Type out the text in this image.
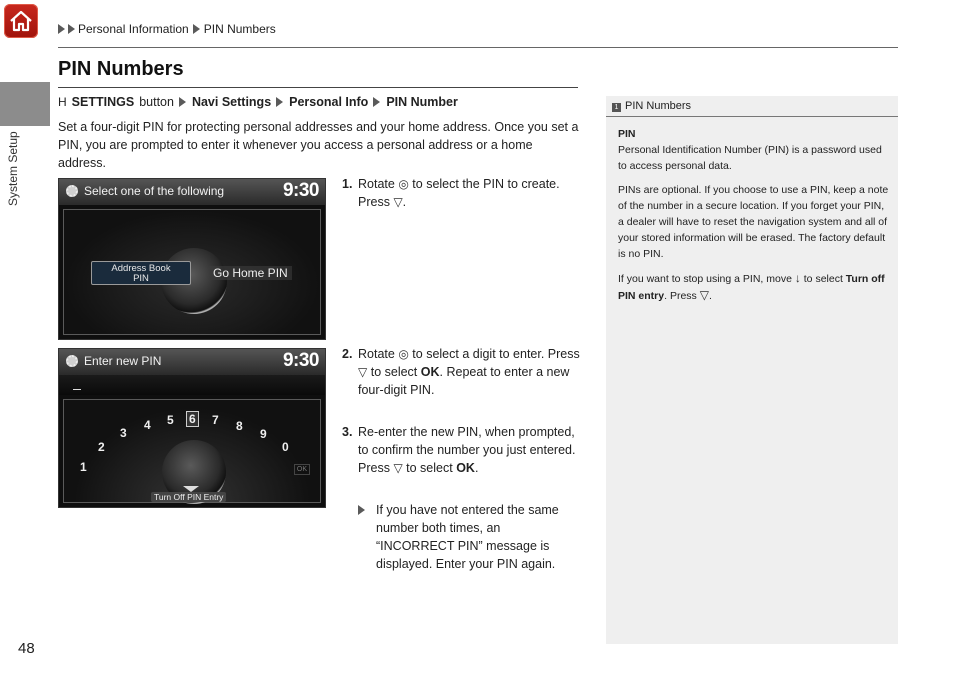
System Setup
48
Personal Information PIN Numbers
PIN Numbers
H SETTINGS button Navi Settings Personal Info PIN Number
Set a four-digit PIN for protecting personal addresses and your home address. Once you set a PIN, you are prompted to enter it whenever you access a personal address or a home address.
Select one of the following	9:30
Address Book
PIN	Go Home PIN
Enter new PIN	9:30
1
2
3
4 5 6 7 8
9
0
OK
Turn Off PIN Entry
1. Rotate ◎ to select the PIN to create. Press ▽.
2. Rotate ◎ to select a digit to enter. Press ▽ to select OK. Repeat to enter a new four-digit PIN.
3. Re-enter the new PIN, when prompted, to confirm the number you just entered. Press ▽ to select OK.
If you have not entered the same number both times, an “INCORRECT PIN” message is displayed. Enter your PIN again.
1 PIN Numbers

PIN
Personal Identification Number (PIN) is a password used to access personal data.

PINs are optional. If you choose to use a PIN, keep a note of the number in a secure location. If you forget your PIN, a dealer will have to reset the navigation system and all of your stored information will be erased. The factory default is no PIN.

If you want to stop using a PIN, move ↓ to select Turn off PIN entry. Press ▽.
